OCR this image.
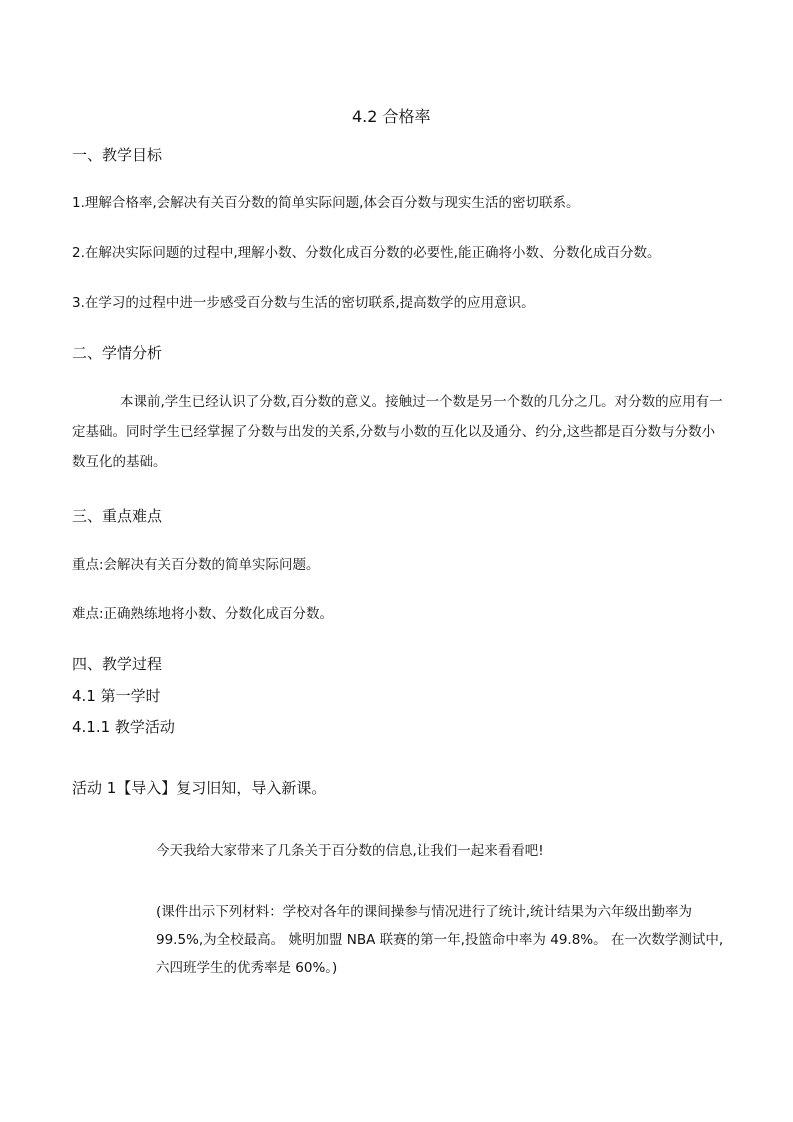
4.2 合格率
一、教学目标
1.理解合格率,会解决有关百分数的简单实际问题,体会百分数与现实生活的密切联系。
2.在解决实际问题的过程中,理解小数、分数化成百分数的必要性,能正确将小数、分数化成百分数。
3.在学习的过程中进一步感受百分数与生活的密切联系,提高数学的应用意识。
二、学情分析
本课前,学生已经认识了分数,百分数的意义。接触过一个数是另一个数的几分之几。对分数的应用有一定基础。同时学生已经掌握了分数与出发的关系,分数与小数的互化以及通分、约分,这些都是百分数与分数小数互化的基础。
三、重点难点
重点:会解决有关百分数的简单实际问题。
难点:正确熟练地将小数、分数化成百分数。
四、教学过程
4.1 第一学时
4.1.1 教学活动
活动 1【导入】复习旧知，导入新课。
今天我给大家带来了几条关于百分数的信息,让我们一起来看看吧!
(课件出示下列材料：学校对各年的课间操参与情况进行了统计,统计结果为六年级出勤率为 99.5%,为全校最高。 姚明加盟 NBA 联赛的第一年,投篮命中率为 49.8%。 在一次数学测试中,六四班学生的优秀率是 60%。)
